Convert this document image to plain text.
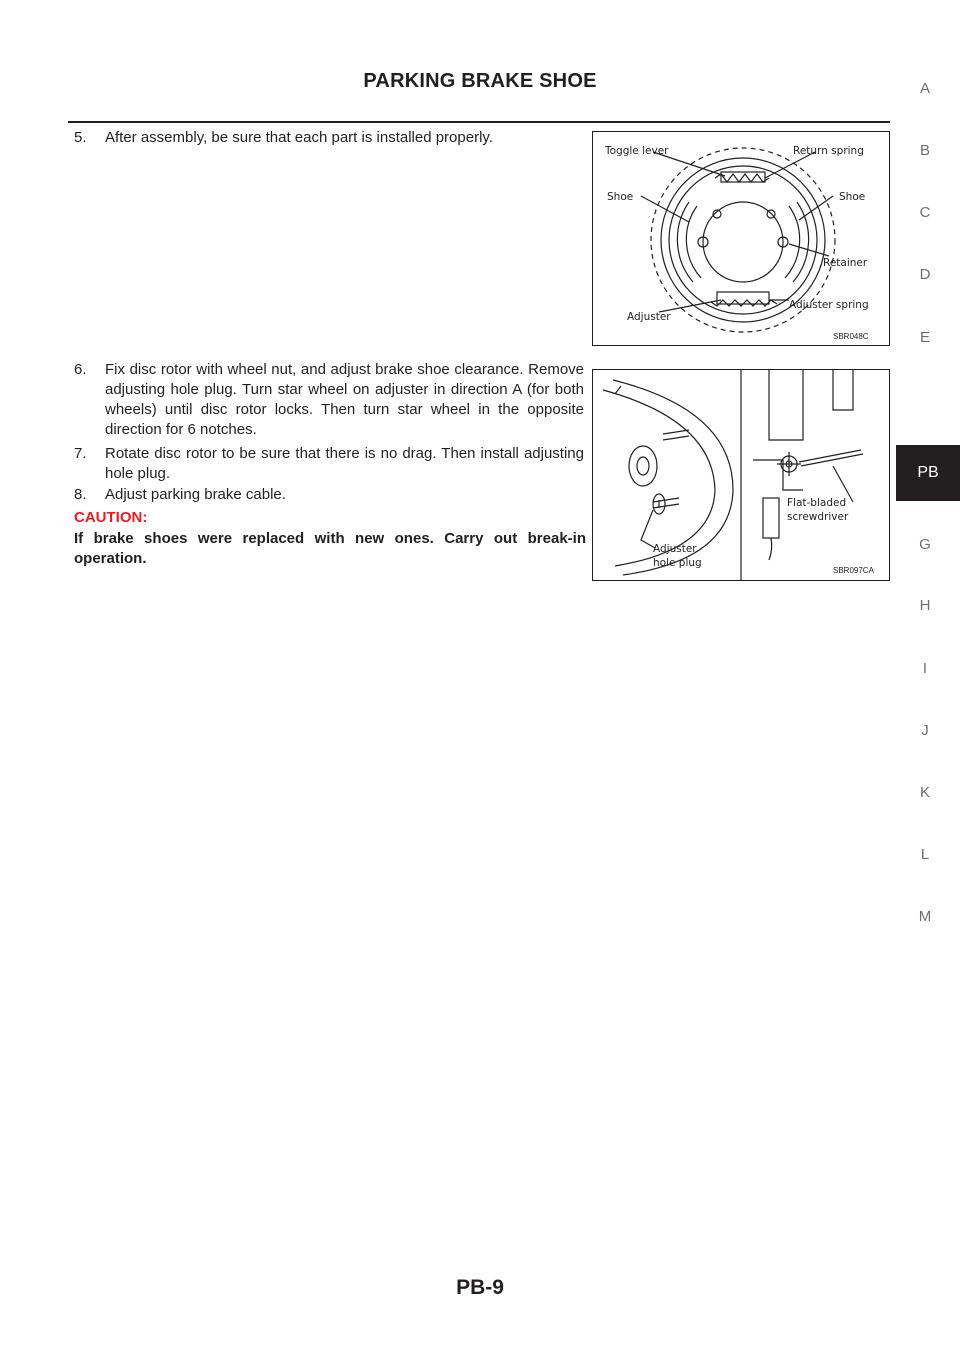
PARKING BRAKE SHOE	A
B
C
D
E
G
H
I
J
K
L
M
PB
5. After assembly, be sure that each part is installed properly.
6. Fix disc rotor with wheel nut, and adjust brake shoe clearance. Remove adjusting hole plug. Turn star wheel on adjuster in direction A (for both wheels) until disc rotor locks. Then turn star wheel in the opposite direction for 6 notches.
7. Rotate disc rotor to be sure that there is no drag. Then install adjusting hole plug.
8. Adjust parking brake cable.
CAUTION:
If brake shoes were replaced with new ones. Carry out break-in operation.
Toggle lever	Return spring
Shoe	Shoe
Retainer
Adjuster
Adjuster spring
SBR048C
Adjuster
hole plug
Flat-bladed
screwdriver
SBR097CA
PB-9
